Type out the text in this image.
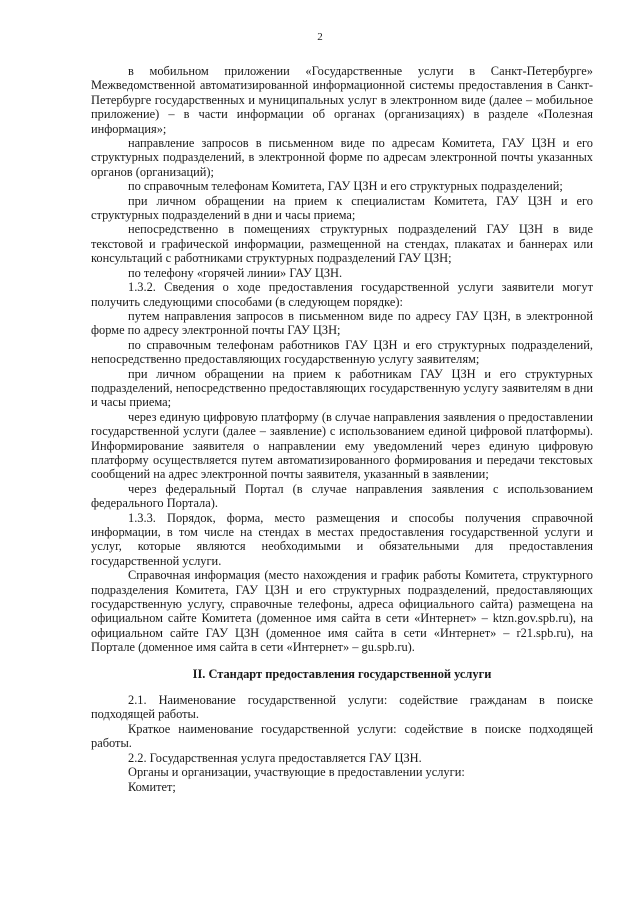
2

в мобильном приложении «Государственные услуги в Санкт-Петербурге» Межведомственной автоматизированной информационной системы предоставления в Санкт-Петербурге государственных и муниципальных услуг в электронном виде (далее – мобильное приложение) – в части информации об органах (организациях) в разделе «Полезная информация»;

направление запросов в письменном виде по адресам Комитета, ГАУ ЦЗН и его структурных подразделений, в электронной форме по адресам электронной почты указанных органов (организаций);

по справочным телефонам Комитета, ГАУ ЦЗН и его структурных подразделений;

при личном обращении на прием к специалистам Комитета, ГАУ ЦЗН и его структурных подразделений в дни и часы приема;

непосредственно в помещениях структурных подразделений ГАУ ЦЗН в виде текстовой и графической информации, размещенной на стендах, плакатах и баннерах или консультаций с работниками структурных подразделений ГАУ ЦЗН;

по телефону «горячей линии» ГАУ ЦЗН.

1.3.2. Сведения о ходе предоставления государственной услуги заявители могут получить следующими способами (в следующем порядке):

путем направления запросов в письменном виде по адресу ГАУ ЦЗН, в электронной форме по адресу электронной почты ГАУ ЦЗН;

по справочным телефонам работников ГАУ ЦЗН и его структурных подразделений, непосредственно предоставляющих государственную услугу заявителям;

при личном обращении на прием к работникам ГАУ ЦЗН и его структурных подразделений, непосредственно предоставляющих государственную услугу заявителям в дни и часы приема;

через единую цифровую платформу (в случае направления заявления о предоставлении государственной услуги (далее – заявление) с использованием единой цифровой платформы). Информирование заявителя о направлении ему уведомлений через единую цифровую платформу осуществляется путем автоматизированного формирования и передачи текстовых сообщений на адрес электронной почты заявителя, указанный в заявлении;

через федеральный Портал (в случае направления заявления с использованием федерального Портала).

1.3.3. Порядок, форма, место размещения и способы получения справочной информации, в том числе на стендах в местах предоставления государственной услуги и услуг, которые являются необходимыми и обязательными для предоставления государственной услуги.

Справочная информация (место нахождения и график работы Комитета, структурного подразделения Комитета, ГАУ ЦЗН и его структурных подразделений, предоставляющих государственную услугу, справочные телефоны, адреса официального сайта) размещена на официальном сайте Комитета (доменное имя сайта в сети «Интернет» – ktzn.gov.spb.ru), на официальном сайте ГАУ ЦЗН (доменное имя сайта в сети «Интернет» – r21.spb.ru), на Портале (доменное имя сайта в сети «Интернет» – gu.spb.ru).

II. Стандарт предоставления государственной услуги

2.1. Наименование государственной услуги: содействие гражданам в поиске подходящей работы.

Краткое наименование государственной услуги: содействие в поиске подходящей работы.

2.2. Государственная услуга предоставляется ГАУ ЦЗН.

Органы и организации, участвующие в предоставлении услуги:

Комитет;
